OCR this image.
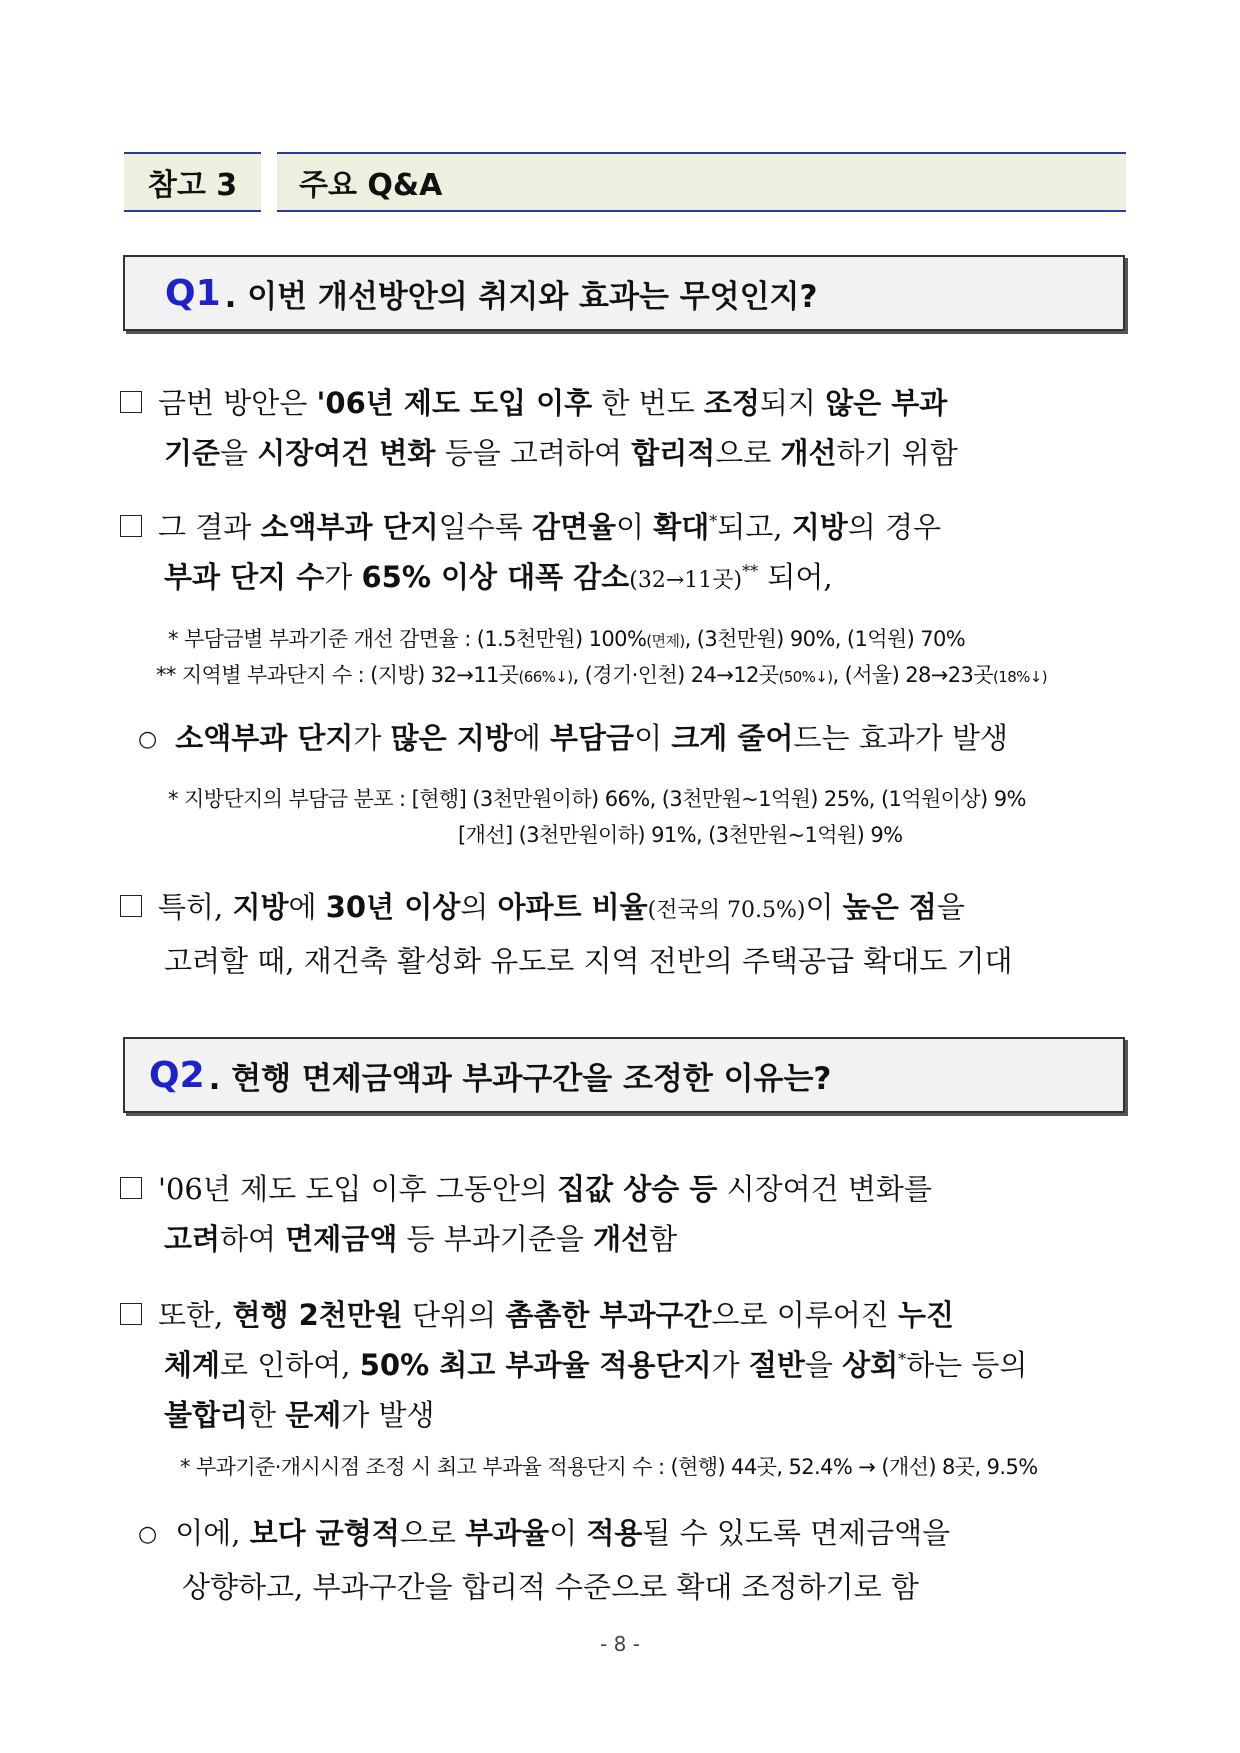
참고 3	주요 Q&A
Q1 . 이번 개선방안의 취지와 효과는 무엇인지?
금번 방안은 '06년 제도 도입 이후 한 번도 조정되지 않은 부과
기준을 시장여건 변화 등을 고려하여 합리적으로 개선하기 위함
그 결과 소액부과 단지일수록 감면율이 확대*되고, 지방의 경우
부과 단지 수가 65% 이상 대폭 감소(32→11곳)** 되어,
* 부담금별 부과기준 개선 감면율 : (1.5천만원) 100%(면제), (3천만원) 90%, (1억원) 70%
** 지역별 부과단지 수 : (지방) 32→11곳(66%↓), (경기·인천) 24→12곳(50%↓), (서울) 28→23곳(18%↓)
○ 소액부과 단지가 많은 지방에 부담금이 크게 줄어드는 효과가 발생
* 지방단지의 부담금 분포 : [현행] (3천만원이하) 66%, (3천만원~1억원) 25%, (1억원이상) 9%
[개선] (3천만원이하) 91%, (3천만원~1억원) 9%
특히, 지방에 30년 이상의 아파트 비율(전국의 70.5%)이 높은 점을
고려할 때, 재건축 활성화 유도로 지역 전반의 주택공급 확대도 기대
Q2 . 현행 면제금액과 부과구간을 조정한 이유는?
'06년 제도 도입 이후 그동안의 집값 상승 등 시장여건 변화를
고려하여 면제금액 등 부과기준을 개선함
또한, 현행 2천만원 단위의 촘촘한 부과구간으로 이루어진 누진
체계로 인하여, 50% 최고 부과율 적용단지가 절반을 상회*하는 등의
불합리한 문제가 발생
* 부과기준·개시시점 조정 시 최고 부과율 적용단지 수 : (현행) 44곳, 52.4% → (개선) 8곳, 9.5%
○ 이에, 보다 균형적으로 부과율이 적용될 수 있도록 면제금액을
상향하고, 부과구간을 합리적 수준으로 확대 조정하기로 함
- 8 -
